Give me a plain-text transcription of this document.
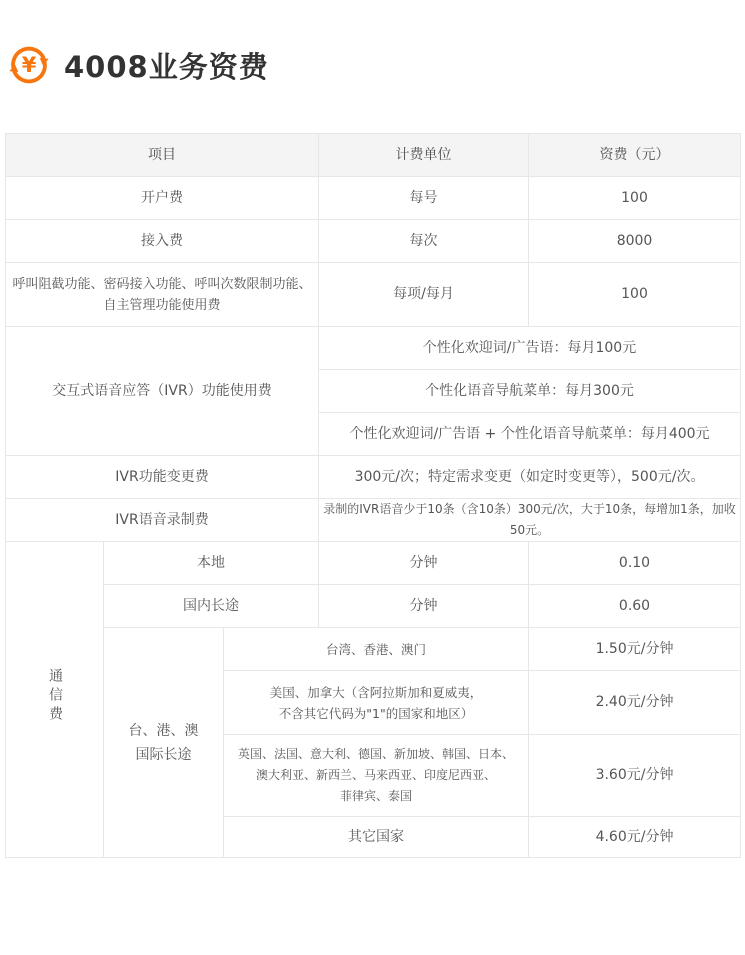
¥ 4008业务资费
项目			计费单位	资费（元）
开户费			每号	100
接入费			每次	8000

呼叫阻截功能、密码接入功能、呼叫次数限制功能、
自主管理功能使用费			每项/每月	100
交互式语音应答（IVR）功能使用费			个性化欢迎词/广告语：每月100元	
			个性化语音导航菜单：每月300元	
			个性化欢迎词/广告语 + 个性化语音导航菜单：每月400元	
IVR功能变更费			300元/次；特定需求变更（如定时变更等），500元/次。	
IVR语音录制费			录制的IVR语音少于10条（含10条）300元/次，大于10条，每增加1条，加收50元。	
通信费	本地		分钟	0.10
	国内长途		分钟	0.60

	台、港、澳
国际长途	台湾、香港、澳门		1.50元/分钟

		美国、加拿大（含阿拉斯加和夏威夷，
不含其它代码为"1"的国家和地区）		2.40元/分钟

		英国、法国、意大利、德国、新加坡、韩国、日本、
澳大利亚、新西兰、马来西亚、印度尼西亚、
菲律宾、泰国		3.60元/分钟
		其它国家		4.60元/分钟
